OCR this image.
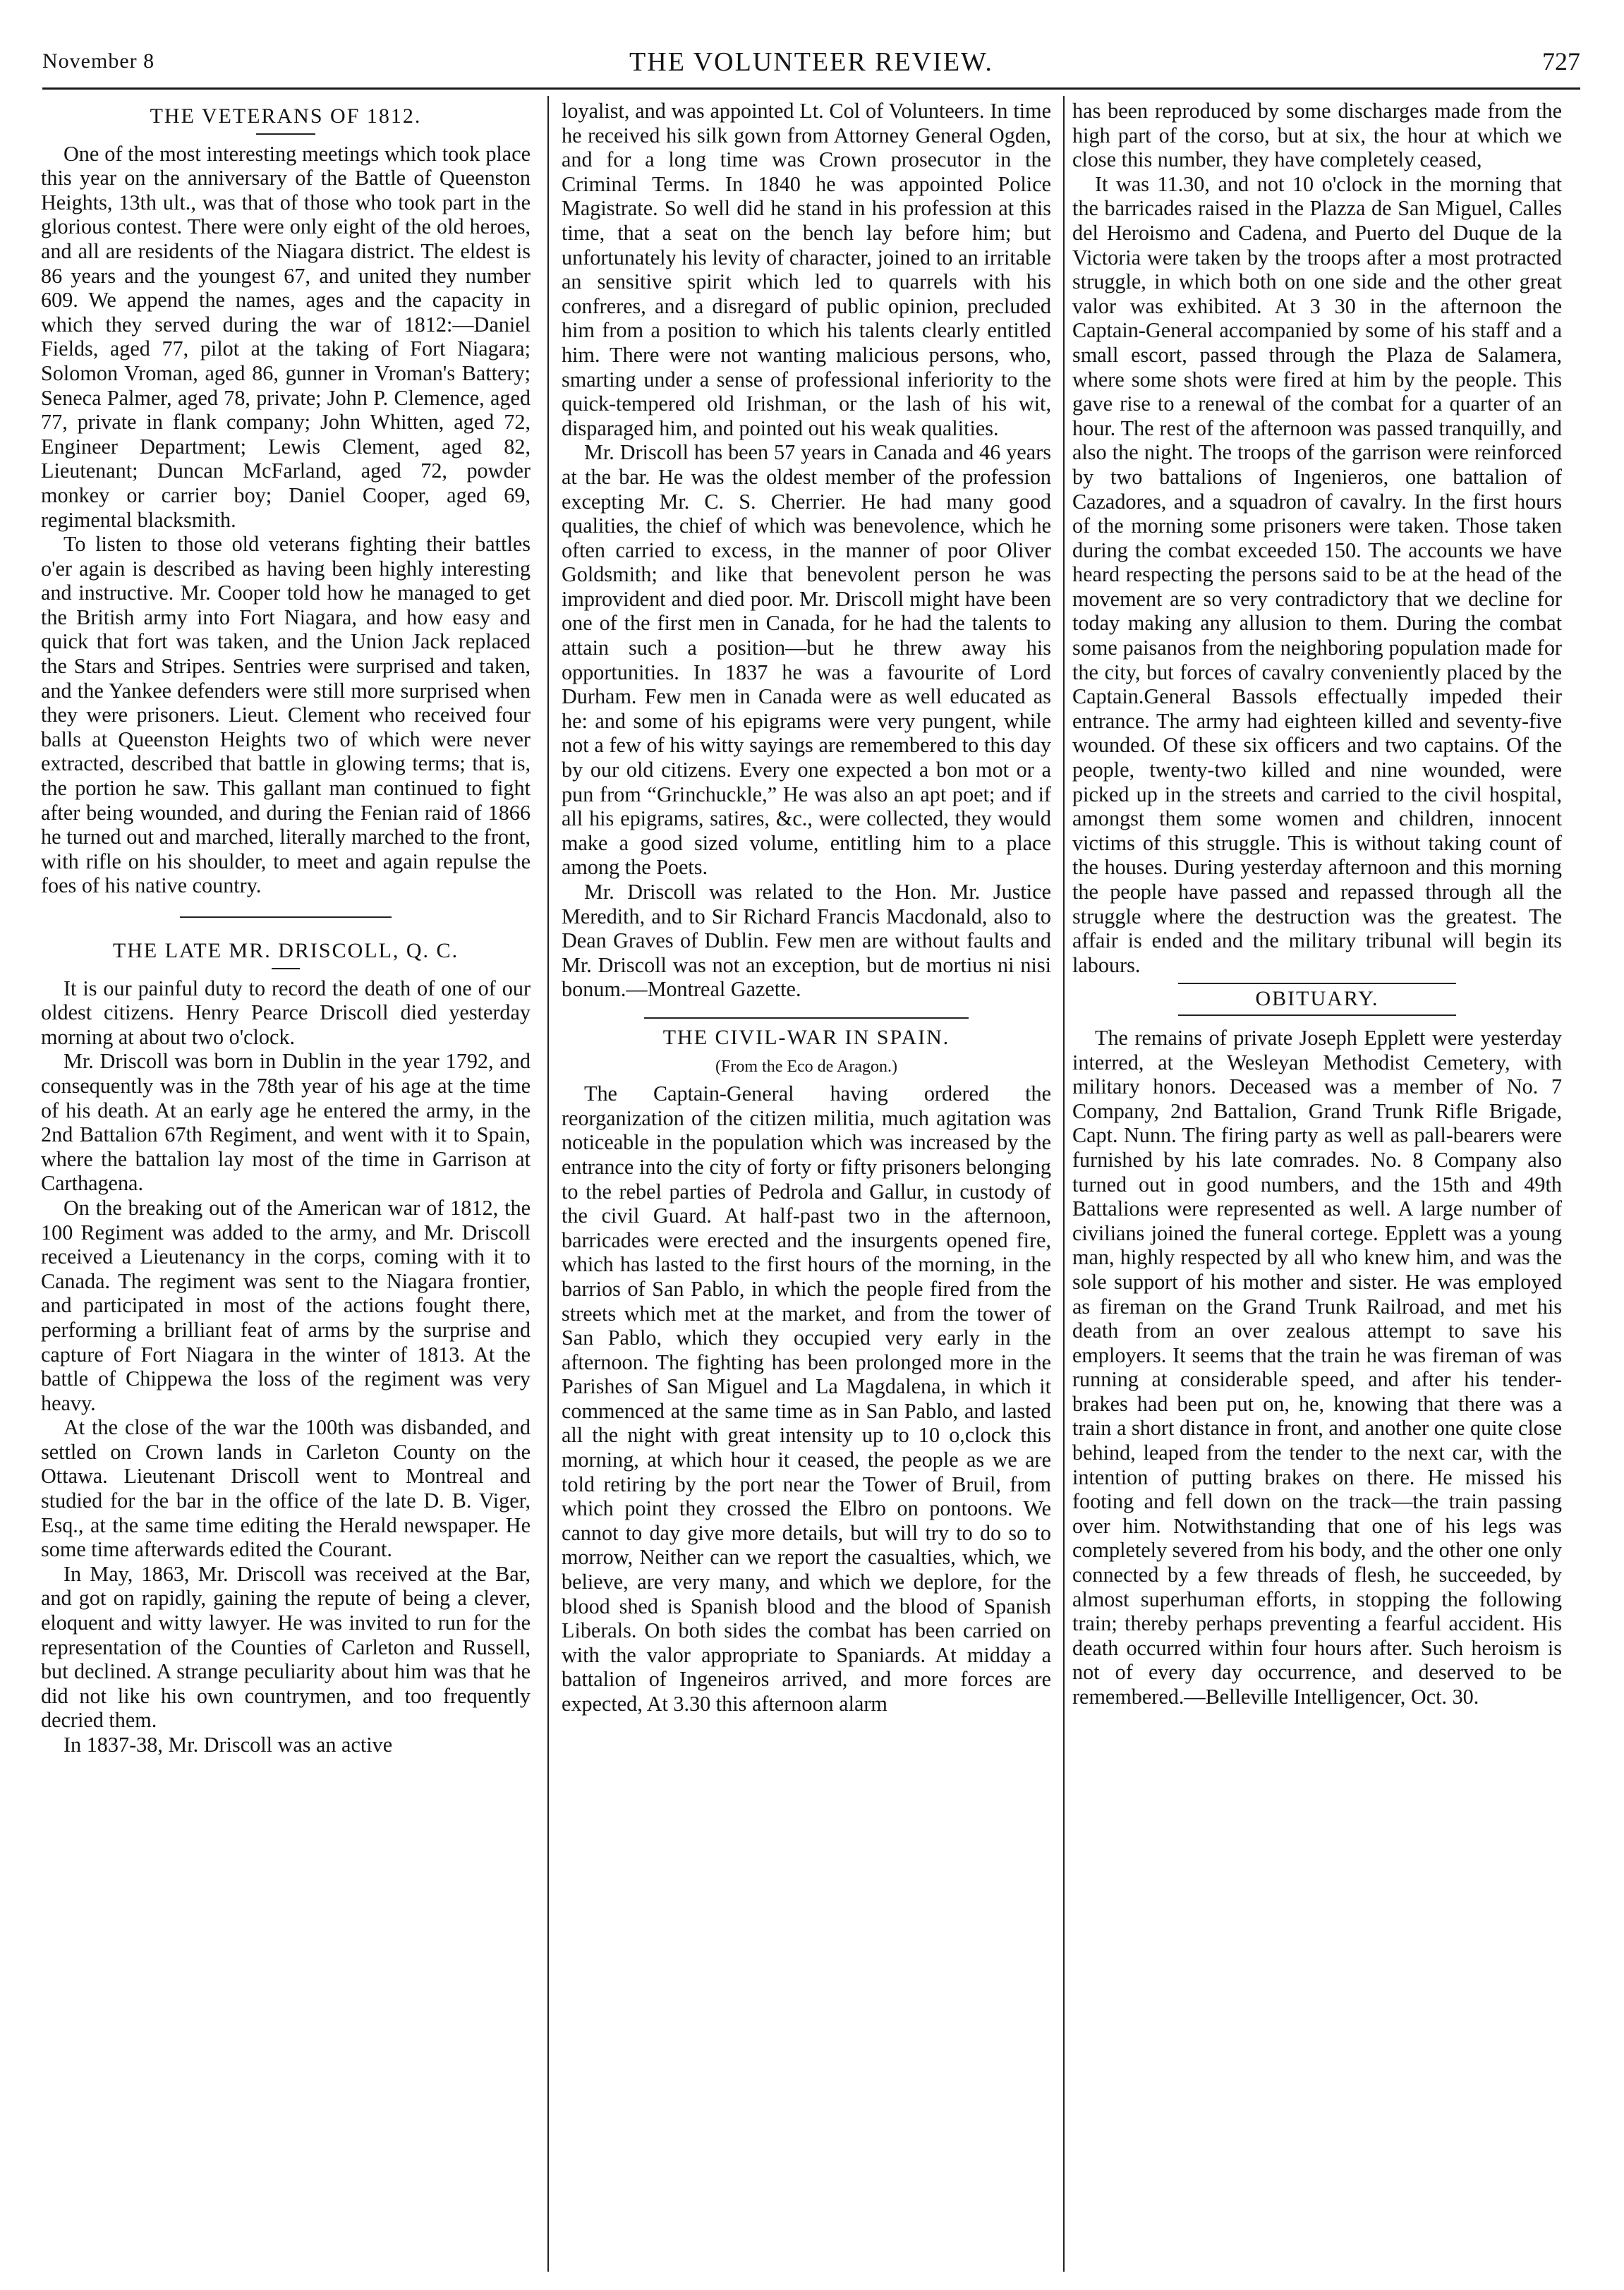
November 8	THE VOLUNTEER REVIEW.	727
THE VETERANS OF 1812.

One of the most interesting meetings which took place this year on the anniversary of the Battle of Queenston Heights, 13th ult., was that of those who took part in the glorious contest. There were only eight of the old heroes, and all are residents of the Niagara district. The eldest is 86 years and the youngest 67, and united they number 609. We append the names, ages and the capacity in which they served during the war of 1812:—Daniel Fields, aged 77, pilot at the taking of Fort Niagara; Solomon Vroman, aged 86, gunner in Vroman's Battery; Seneca Palmer, aged 78, private; John P. Clemence, aged 77, private in flank company; John Whitten, aged 72, Engineer Department; Lewis Clement, aged 82, Lieutenant; Duncan McFarland, aged 72, powder monkey or carrier boy; Daniel Cooper, aged 69, regimental blacksmith.

To listen to those old veterans fighting their battles o'er again is described as having been highly interesting and instructive. Mr. Cooper told how he managed to get the British army into Fort Niagara, and how easy and quick that fort was taken, and the Union Jack replaced the Stars and Stripes. Sentries were surprised and taken, and the Yankee defenders were still more surprised when they were prisoners. Lieut. Clement who received four balls at Queenston Heights two of which were never extracted, described that battle in glowing terms; that is, the portion he saw. This gallant man continued to fight after being wounded, and during the Fenian raid of 1866 he turned out and marched, literally marched to the front, with rifle on his shoulder, to meet and again repulse the foes of his native country.

THE LATE MR. DRISCOLL, Q. C.

It is our painful duty to record the death of one of our oldest citizens. Henry Pearce Driscoll died yesterday morning at about two o'clock.

Mr. Driscoll was born in Dublin in the year 1792, and consequently was in the 78th year of his age at the time of his death. At an early age he entered the army, in the 2nd Battalion 67th Regiment, and went with it to Spain, where the battalion lay most of the time in Garrison at Carthagena.

On the breaking out of the American war of 1812, the 100 Regiment was added to the army, and Mr. Driscoll received a Lieutenancy in the corps, coming with it to Canada. The regiment was sent to the Niagara frontier, and participated in most of the actions fought there, performing a brilliant feat of arms by the surprise and capture of Fort Niagara in the winter of 1813. At the battle of Chippewa the loss of the regiment was very heavy.

At the close of the war the 100th was disbanded, and settled on Crown lands in Carleton County on the Ottawa. Lieutenant Driscoll went to Montreal and studied for the bar in the office of the late D. B. Viger, Esq., at the same time editing the Herald newspaper. He some time afterwards edited the Courant.

In May, 1863, Mr. Driscoll was received at the Bar, and got on rapidly, gaining the repute of being a clever, eloquent and witty lawyer. He was invited to run for the representation of the Counties of Carleton and Russell, but declined. A strange peculiarity about him was that he did not like his own countrymen, and too frequently decried them.

In 1837-38, Mr. Driscoll was an active

loyalist, and was appointed Lt. Col of Volunteers. In time he received his silk gown from Attorney General Ogden, and for a long time was Crown prosecutor in the Criminal Terms. In 1840 he was appointed Police Magistrate. So well did he stand in his profession at this time, that a seat on the bench lay before him; but unfortunately his levity of character, joined to an irritable an sensitive spirit which led to quarrels with his confreres, and a disregard of public opinion, precluded him from a position to which his talents clearly entitled him. There were not wanting malicious persons, who, smarting under a sense of professional inferiority to the quick-tempered old Irishman, or the lash of his wit, disparaged him, and pointed out his weak qualities.

Mr. Driscoll has been 57 years in Canada and 46 years at the bar. He was the oldest member of the profession excepting Mr. C. S. Cherrier. He had many good qualities, the chief of which was benevolence, which he often carried to excess, in the manner of poor Oliver Goldsmith; and like that benevolent person he was improvident and died poor. Mr. Driscoll might have been one of the first men in Canada, for he had the talents to attain such a position—but he threw away his opportunities. In 1837 he was a favourite of Lord Durham. Few men in Canada were as well educated as he: and some of his epigrams were very pungent, while not a few of his witty sayings are remembered to this day by our old citizens. Every one expected a bon mot or a pun from “Grinchuckle,” He was also an apt poet; and if all his epigrams, satires, &c., were collected, they would make a good sized volume, entitling him to a place among the Poets.

Mr. Driscoll was related to the Hon. Mr. Justice Meredith, and to Sir Richard Francis Macdonald, also to Dean Graves of Dublin. Few men are without faults and Mr. Driscoll was not an exception, but de mortius ni nisi bonum.—Montreal Gazette.

THE CIVIL-WAR IN SPAIN.
(From the Eco de Aragon.)

The Captain-General having ordered the reorganization of the citizen militia, much agitation was noticeable in the population which was increased by the entrance into the city of forty or fifty prisoners belonging to the rebel parties of Pedrola and Gallur, in custody of the civil Guard. At half-past two in the afternoon, barricades were erected and the insurgents opened fire, which has lasted to the first hours of the morning, in the barrios of San Pablo, in which the people fired from the streets which met at the market, and from the tower of San Pablo, which they occupied very early in the afternoon. The fighting has been prolonged more in the Parishes of San Miguel and La Magdalena, in which it commenced at the same time as in San Pablo, and lasted all the night with great intensity up to 10 o,clock this morning, at which hour it ceased, the people as we are told retiring by the port near the Tower of Bruil, from which point they crossed the Elbro on pontoons. We cannot to day give more details, but will try to do so to morrow, Neither can we report the casualties, which, we believe, are very many, and which we deplore, for the blood shed is Spanish blood and the blood of Spanish Liberals. On both sides the combat has been carried on with the valor appropriate to Spaniards. At midday a battalion of Ingeneiros arrived, and more forces are expected, At 3.30 this afternoon alarm

has been reproduced by some discharges made from the high part of the corso, but at six, the hour at which we close this number, they have completely ceased,

It was 11.30, and not 10 o'clock in the morning that the barricades raised in the Plazza de San Miguel, Calles del Heroismo and Cadena, and Puerto del Duque de la Victoria were taken by the troops after a most protracted struggle, in which both on one side and the other great valor was exhibited. At 3 30 in the afternoon the Captain-General accompanied by some of his staff and a small escort, passed through the Plaza de Salamera, where some shots were fired at him by the people. This gave rise to a renewal of the combat for a quarter of an hour. The rest of the afternoon was passed tranquilly, and also the night. The troops of the garrison were reinforced by two battalions of Ingenieros, one battalion of Cazadores, and a squadron of cavalry. In the first hours of the morning some prisoners were taken. Those taken during the combat exceeded 150. The accounts we have heard respecting the persons said to be at the head of the movement are so very contradictory that we decline for today making any allusion to them. During the combat some paisanos from the neighboring population made for the city, but forces of cavalry conveniently placed by the Captain.General Bassols effectually impeded their entrance. The army had eighteen killed and seventy-five wounded. Of these six officers and two captains. Of the people, twenty-two killed and nine wounded, were picked up in the streets and carried to the civil hospital, amongst them some women and children, innocent victims of this struggle. This is without taking count of the houses. During yesterday afternoon and this morning the people have passed and repassed through all the struggle where the destruction was the greatest. The affair is ended and the military tribunal will begin its labours.

OBITUARY.

The remains of private Joseph Epplett were yesterday interred, at the Wesleyan Methodist Cemetery, with military honors. Deceased was a member of No. 7 Company, 2nd Battalion, Grand Trunk Rifle Brigade, Capt. Nunn. The firing party as well as pall-bearers were furnished by his late comrades. No. 8 Company also turned out in good numbers, and the 15th and 49th Battalions were represented as well. A large number of civilians joined the funeral cortege. Epplett was a young man, highly respected by all who knew him, and was the sole support of his mother and sister. He was employed as fireman on the Grand Trunk Railroad, and met his death from an over zealous attempt to save his employers. It seems that the train he was fireman of was running at considerable speed, and after his tender-brakes had been put on, he, knowing that there was a train a short distance in front, and another one quite close behind, leaped from the tender to the next car, with the intention of putting brakes on there. He missed his footing and fell down on the track—the train passing over him. Notwithstanding that one of his legs was completely severed from his body, and the other one only connected by a few threads of flesh, he succeeded, by almost superhuman efforts, in stopping the following train; thereby perhaps preventing a fearful accident. His death occurred within four hours after. Such heroism is not of every day occurrence, and deserved to be remembered.—Belleville Intelligencer, Oct. 30.
